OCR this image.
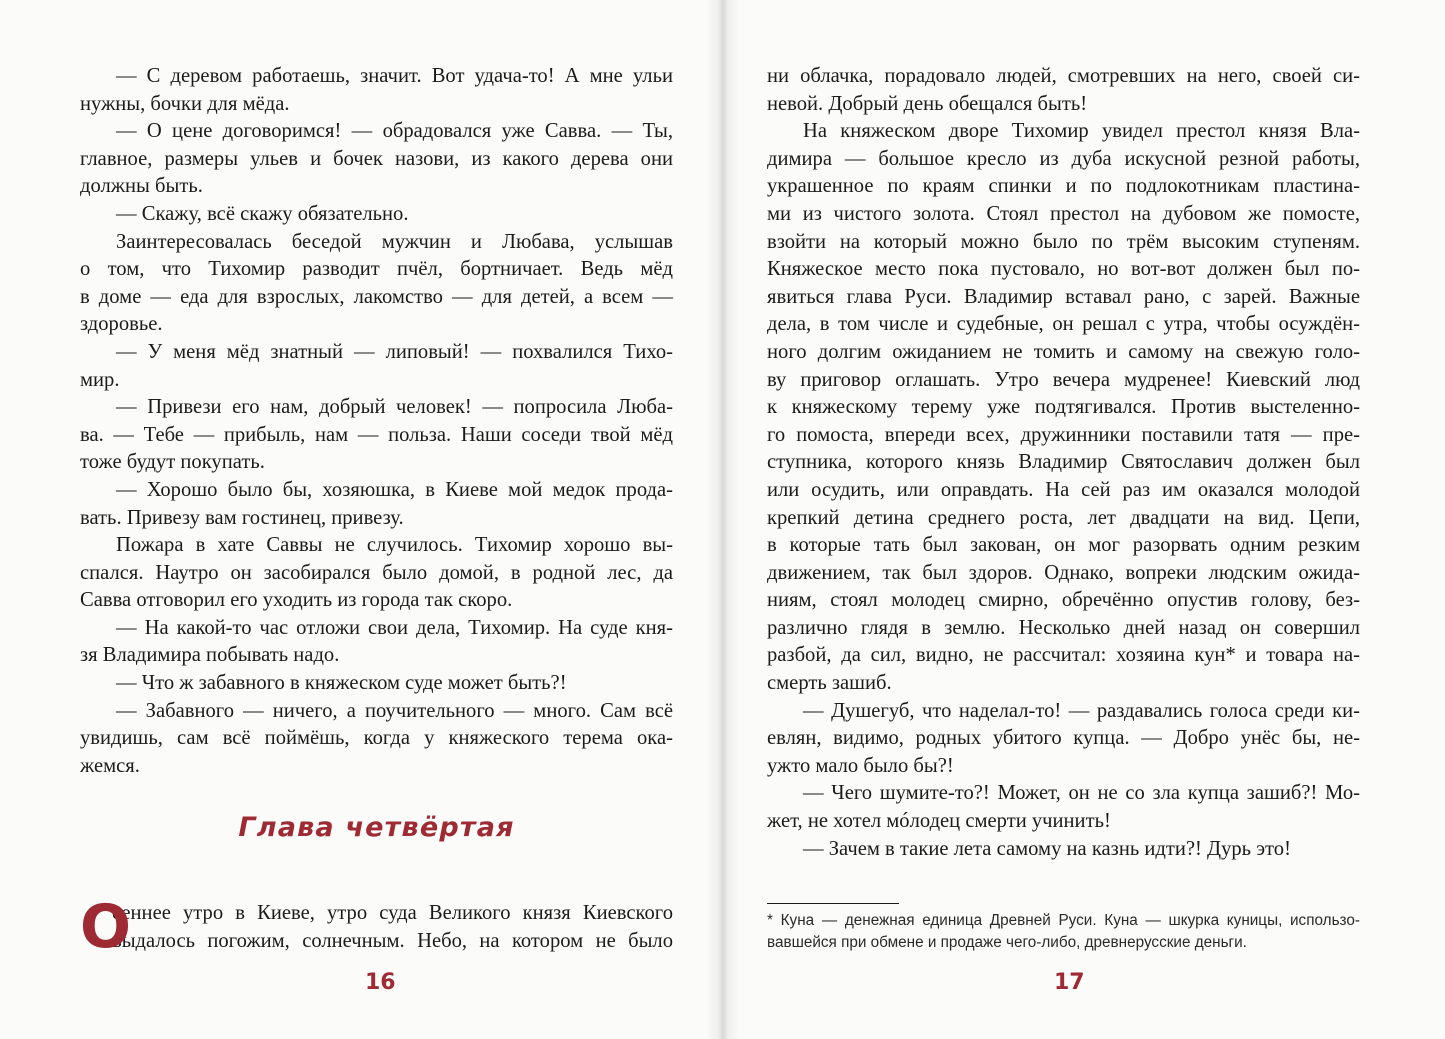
— С деревом работаешь, значит. Вот удача-то! А мне ульи
нужны, бочки для мёда.
— О цене договоримся! — обрадовался уже Савва. — Ты,
главное, размеры ульев и бочек назови, из какого дерева они
должны быть.
— Скажу, всё скажу обязательно.
Заинтересовалась беседой мужчин и Любава, услышав
о том, что Тихомир разводит пчёл, бортничает. Ведь мёд
в доме — еда для взрослых, лакомство — для детей, а всем —
здоровье.
— У меня мёд знатный — липовый! — похвалился Тихо-
мир.
— Привези его нам, добрый человек! — попросила Люба-
ва. — Тебе — прибыль, нам — польза. Наши соседи твой мёд
тоже будут покупать.
— Хорошо было бы, хозяюшка, в Киеве мой медок прода-
вать. Привезу вам гостинец, привезу.
Пожара в хате Саввы не случилось. Тихомир хорошо вы-
спался. Наутро он засобирался было домой, в родной лес, да
Савва отговорил его уходить из города так скоро.
— На какой-то час отложи свои дела, Тихомир. На суде кня-
зя Владимира побывать надо.
— Что ж забавного в княжеском суде может быть?!
— Забавного — ничего, а поучительного — много. Сам всё
увидишь, сам всё поймёшь, когда у княжеского терема ока-
жемся.
Глава четвёртая
О
сеннее утро в Киеве, утро суда Великого князя Киевского
выдалось погожим, солнечным. Небо, на котором не было
16
ни облачка, порадовало людей, смотревших на него, своей си-
невой. Добрый день обещался быть!
На княжеском дворе Тихомир увидел престол князя Вла-
димира — большое кресло из дуба искусной резной работы,
украшенное по краям спинки и по подлокотникам пластина-
ми из чистого золота. Стоял престол на дубовом же помосте,
взойти на который можно было по трём высоким ступеням.
Княжеское место пока пустовало, но вот-вот должен был по-
явиться глава Руси. Владимир вставал рано, с зарей. Важные
дела, в том числе и судебные, он решал с утра, чтобы осуждён-
ного долгим ожиданием не томить и самому на свежую голо-
ву приговор оглашать. Утро вечера мудренее! Киевский люд
к княжескому терему уже подтягивался. Против выстеленно-
го помоста, впереди всех, дружинники поставили татя — пре-
ступника, которого князь Владимир Святославич должен был
или осудить, или оправдать. На сей раз им оказался молодой
крепкий детина среднего роста, лет двадцати на вид. Цепи,
в которые тать был закован, он мог разорвать одним резким
движением, так был здоров. Однако, вопреки людским ожида-
ниям, стоял молодец смирно, обречённо опустив голову, без-
различно глядя в землю. Несколько дней назад он совершил
разбой, да сил, видно, не рассчитал: хозяина кун* и товара на-
смерть зашиб.
— Душегуб, что наделал-то! — раздавались голоса среди ки-
евлян, видимо, родных убитого купца. — Добро унёс бы, не-
ужто мало было бы?!
— Чего шумите-то?! Может, он не со зла купца зашиб?! Мо-
жет, не хотел мóлодец смерти учинить!
— Зачем в такие лета самому на казнь идти?! Дурь это!
* Куна — денежная единица Древней Руси. Куна — шкурка куницы, использо-
вавшейся при обмене и продаже чего-либо, древнерусские деньги.
17
